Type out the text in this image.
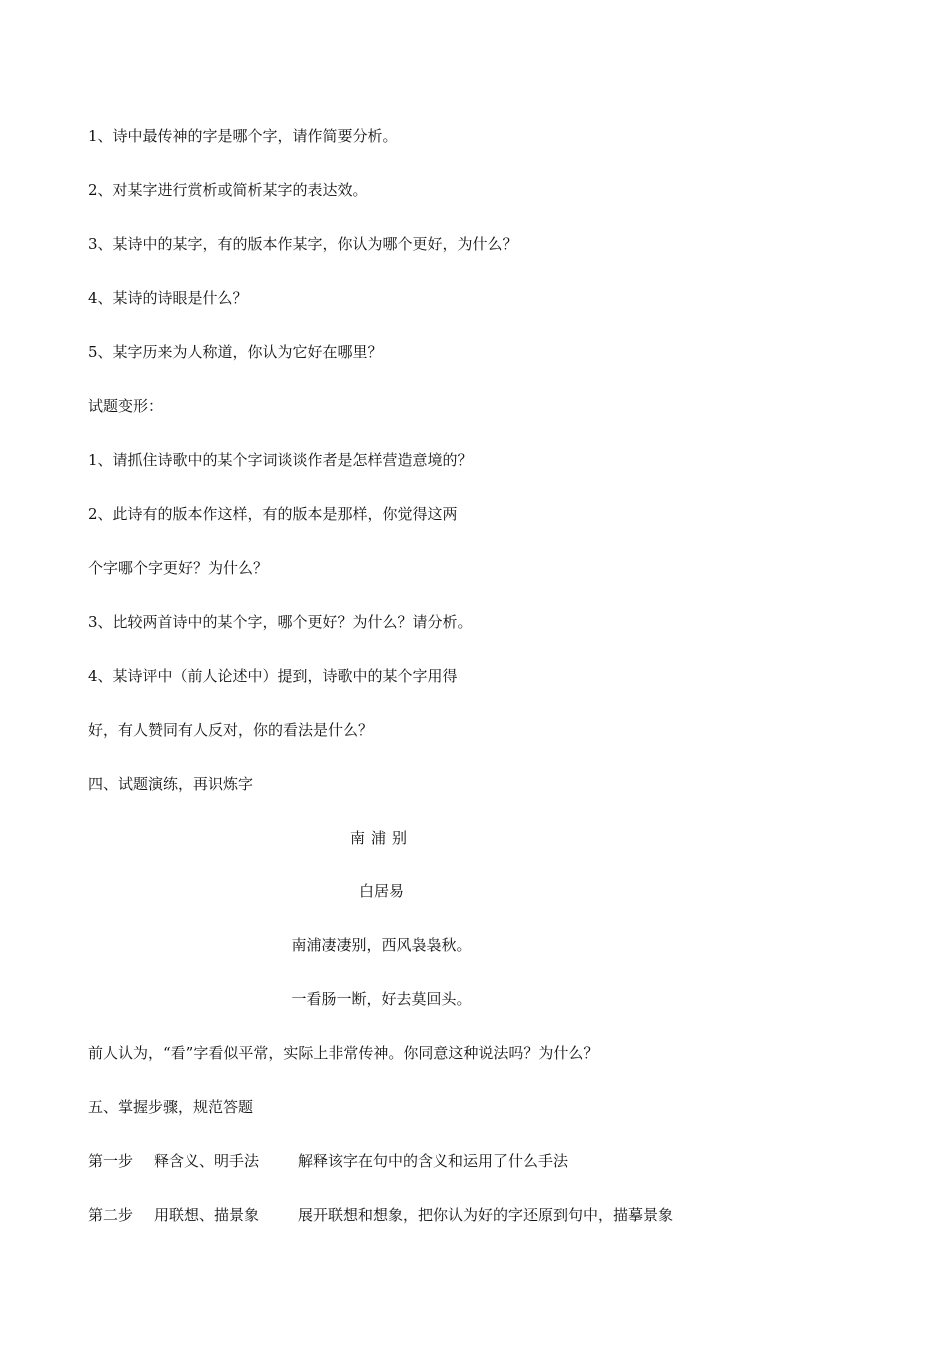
1、诗中最传神的字是哪个字，请作简要分析。
2、对某字进行赏析或简析某字的表达效。
3、某诗中的某字，有的版本作某字，你认为哪个更好，为什么？
4、某诗的诗眼是什么？
5、某字历来为人称道，你认为它好在哪里？
试题变形：
1、请抓住诗歌中的某个字词谈谈作者是怎样营造意境的？
2、此诗有的版本作这样，有的版本是那样，你觉得这两
个字哪个字更好？为什么？
3、比较两首诗中的某个字，哪个更好？为什么？请分析。
4、某诗评中（前人论述中）提到，诗歌中的某个字用得
好，有人赞同有人反对，你的看法是什么？
四、试题演练，再识炼字
南浦别
白居易
南浦凄凄别，西风袅袅秋。
一看肠一断，好去莫回头。
前人认为，“看”字看似平常，实际上非常传神。你同意这种说法吗？为什么？
五、掌握步骤，规范答题
第一步 释含义、明手法	解释该字在句中的含义和运用了什么手法
第二步 用联想、描景象	展开联想和想象，把你认为好的字还原到句中，描摹景象
